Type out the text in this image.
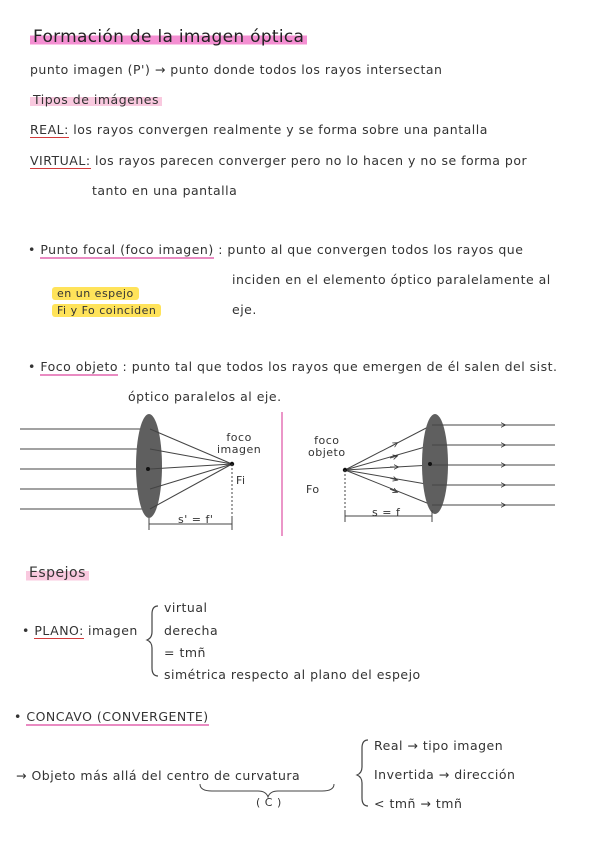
Formación de la imagen óptica
punto imagen (P') → punto donde todos los rayos intersectan
Tipos de imágenes
REAL: los rayos convergen realmente y se forma sobre una pantalla
VIRTUAL: los rayos parecen converger pero no lo hacen y no se forma por
tanto en una pantalla
• Punto focal (foco imagen) : punto al que convergen todos los rayos que
inciden en el elemento óptico paralelamente al
eje.
en un espejo
Fi y Fo coinciden
• Foco objeto : punto tal que todos los rayos que emergen de él salen del sist.
óptico paralelos al eje.
foco
imagen
Fi
s' = f'
foco
objeto
Fo
s = f
Espejos
• PLANO: imagen
virtual
derecha
= tmñ
simétrica respecto al plano del espejo
• CONCAVO (CONVERGENTE)
→ Objeto más allá del centro de curvatura
( C )
Real → tipo imagen
Invertida → dirección
< tmñ → tmñ
